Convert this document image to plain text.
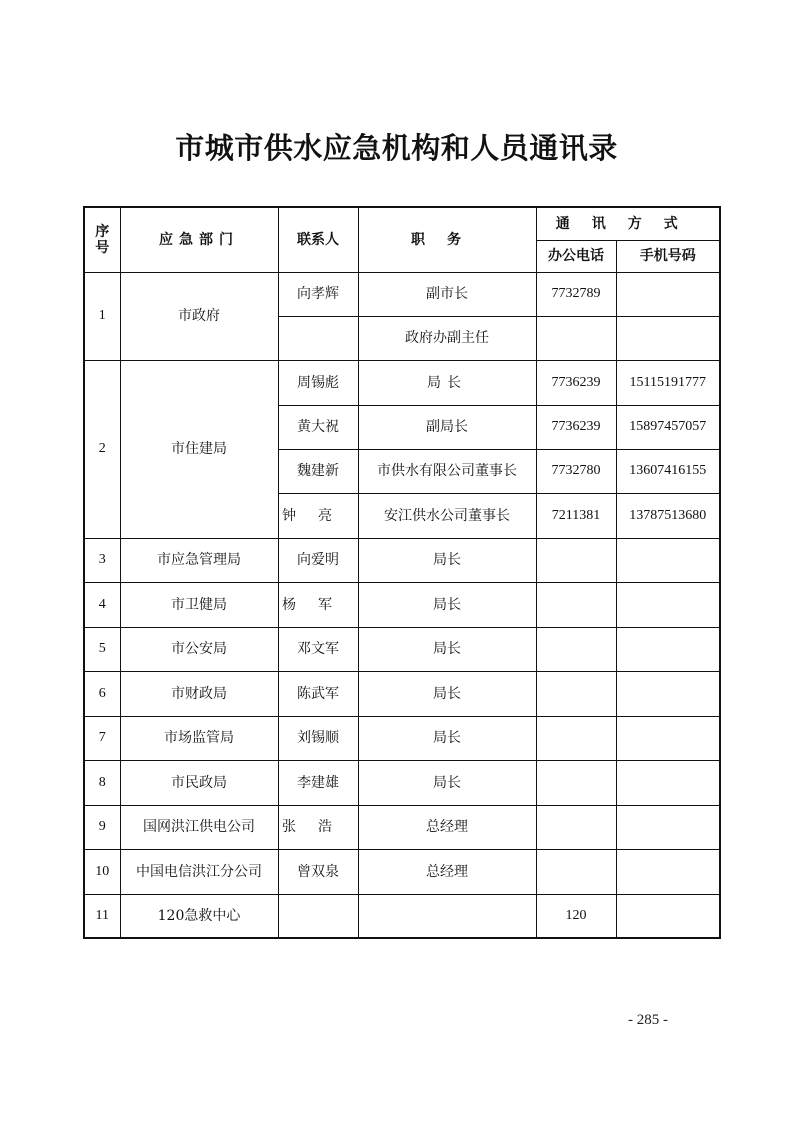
市城市供水应急机构和人员通讯录
序
号	应急部门	联系人	职务	通讯方式	
				办公电话	手机号码
1	市政府	向孝辉	副市长	7732789	
			政府办副主任		
2	市住建局	周锡彪	局长	7736239	15115191777
		黄大祝	副局长	7736239	15897457057
		魏建新	市供水有限公司董事长	7732780	13607416155
		钟亮	安江供水公司董事长	7211381	13787513680
3	市应急管理局	向爱明	局长		
4	市卫健局	杨军	局长		
5	市公安局	邓文军	局长		
6	市财政局	陈武军	局长		
7	市场监管局	刘锡顺	局长		
8	市民政局	李建雄	局长		
9	国网洪江供电公司	张浩	总经理		
10	中国电信洪江分公司	曾双泉	总经理		
11	120急救中心			120	
- 285 -
